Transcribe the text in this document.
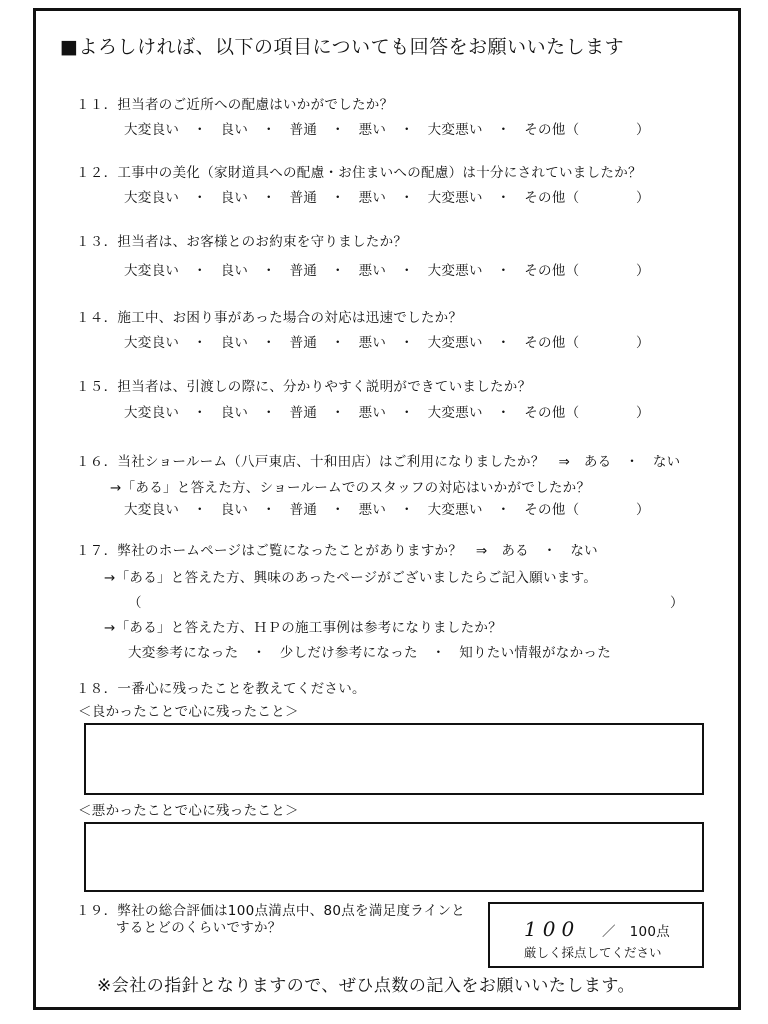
■よろしければ、以下の項目についても回答をお願いいたします
１１．担当者のご近所への配慮はいかがでしたか？
大変良い　・　良い　・　普通　・　悪い　・　大変悪い　・　その他（	）
１２．工事中の美化（家財道具への配慮・お住まいへの配慮）は十分にされていましたか？
大変良い　・　良い　・　普通　・　悪い　・　大変悪い　・　その他（	）
１３．担当者は、お客様とのお約束を守りましたか？
大変良い　・　良い　・　普通　・　悪い　・　大変悪い　・　その他（	）
１４．施工中、お困り事があった場合の対応は迅速でしたか？
大変良い　・　良い　・　普通　・　悪い　・　大変悪い　・　その他（	）
１５．担当者は、引渡しの際に、分かりやすく説明ができていましたか？
大変良い　・　良い　・　普通　・　悪い　・　大変悪い　・　その他（	）
１６．当社ショールーム（八戸東店、十和田店）はご利用になりましたか？　⇒　ある　・　ない
→「ある」と答えた方、ショールームでのスタッフの対応はいかがでしたか？
大変良い　・　良い　・　普通　・　悪い　・　大変悪い　・　その他（	）
１７．弊社のホームページはご覧になったことがありますか？　⇒　ある　・　ない
→「ある」と答えた方、興味のあったページがございましたらご記入願います。
（	）
→「ある」と答えた方、ＨＰの施工事例は参考になりましたか？
大変参考になった　・　少しだけ参考になった　・　知りたい情報がなかった
１８．一番心に残ったことを教えてください。
＜良かったことで心に残ったこと＞
＜悪かったことで心に残ったこと＞
１９．弊社の総合評価は100点満点中、80点を満足度ラインと
するとどのくらいですか？	100 ／　100点
厳しく採点してください
※会社の指針となりますので、ぜひ点数の記入をお願いいたします。
